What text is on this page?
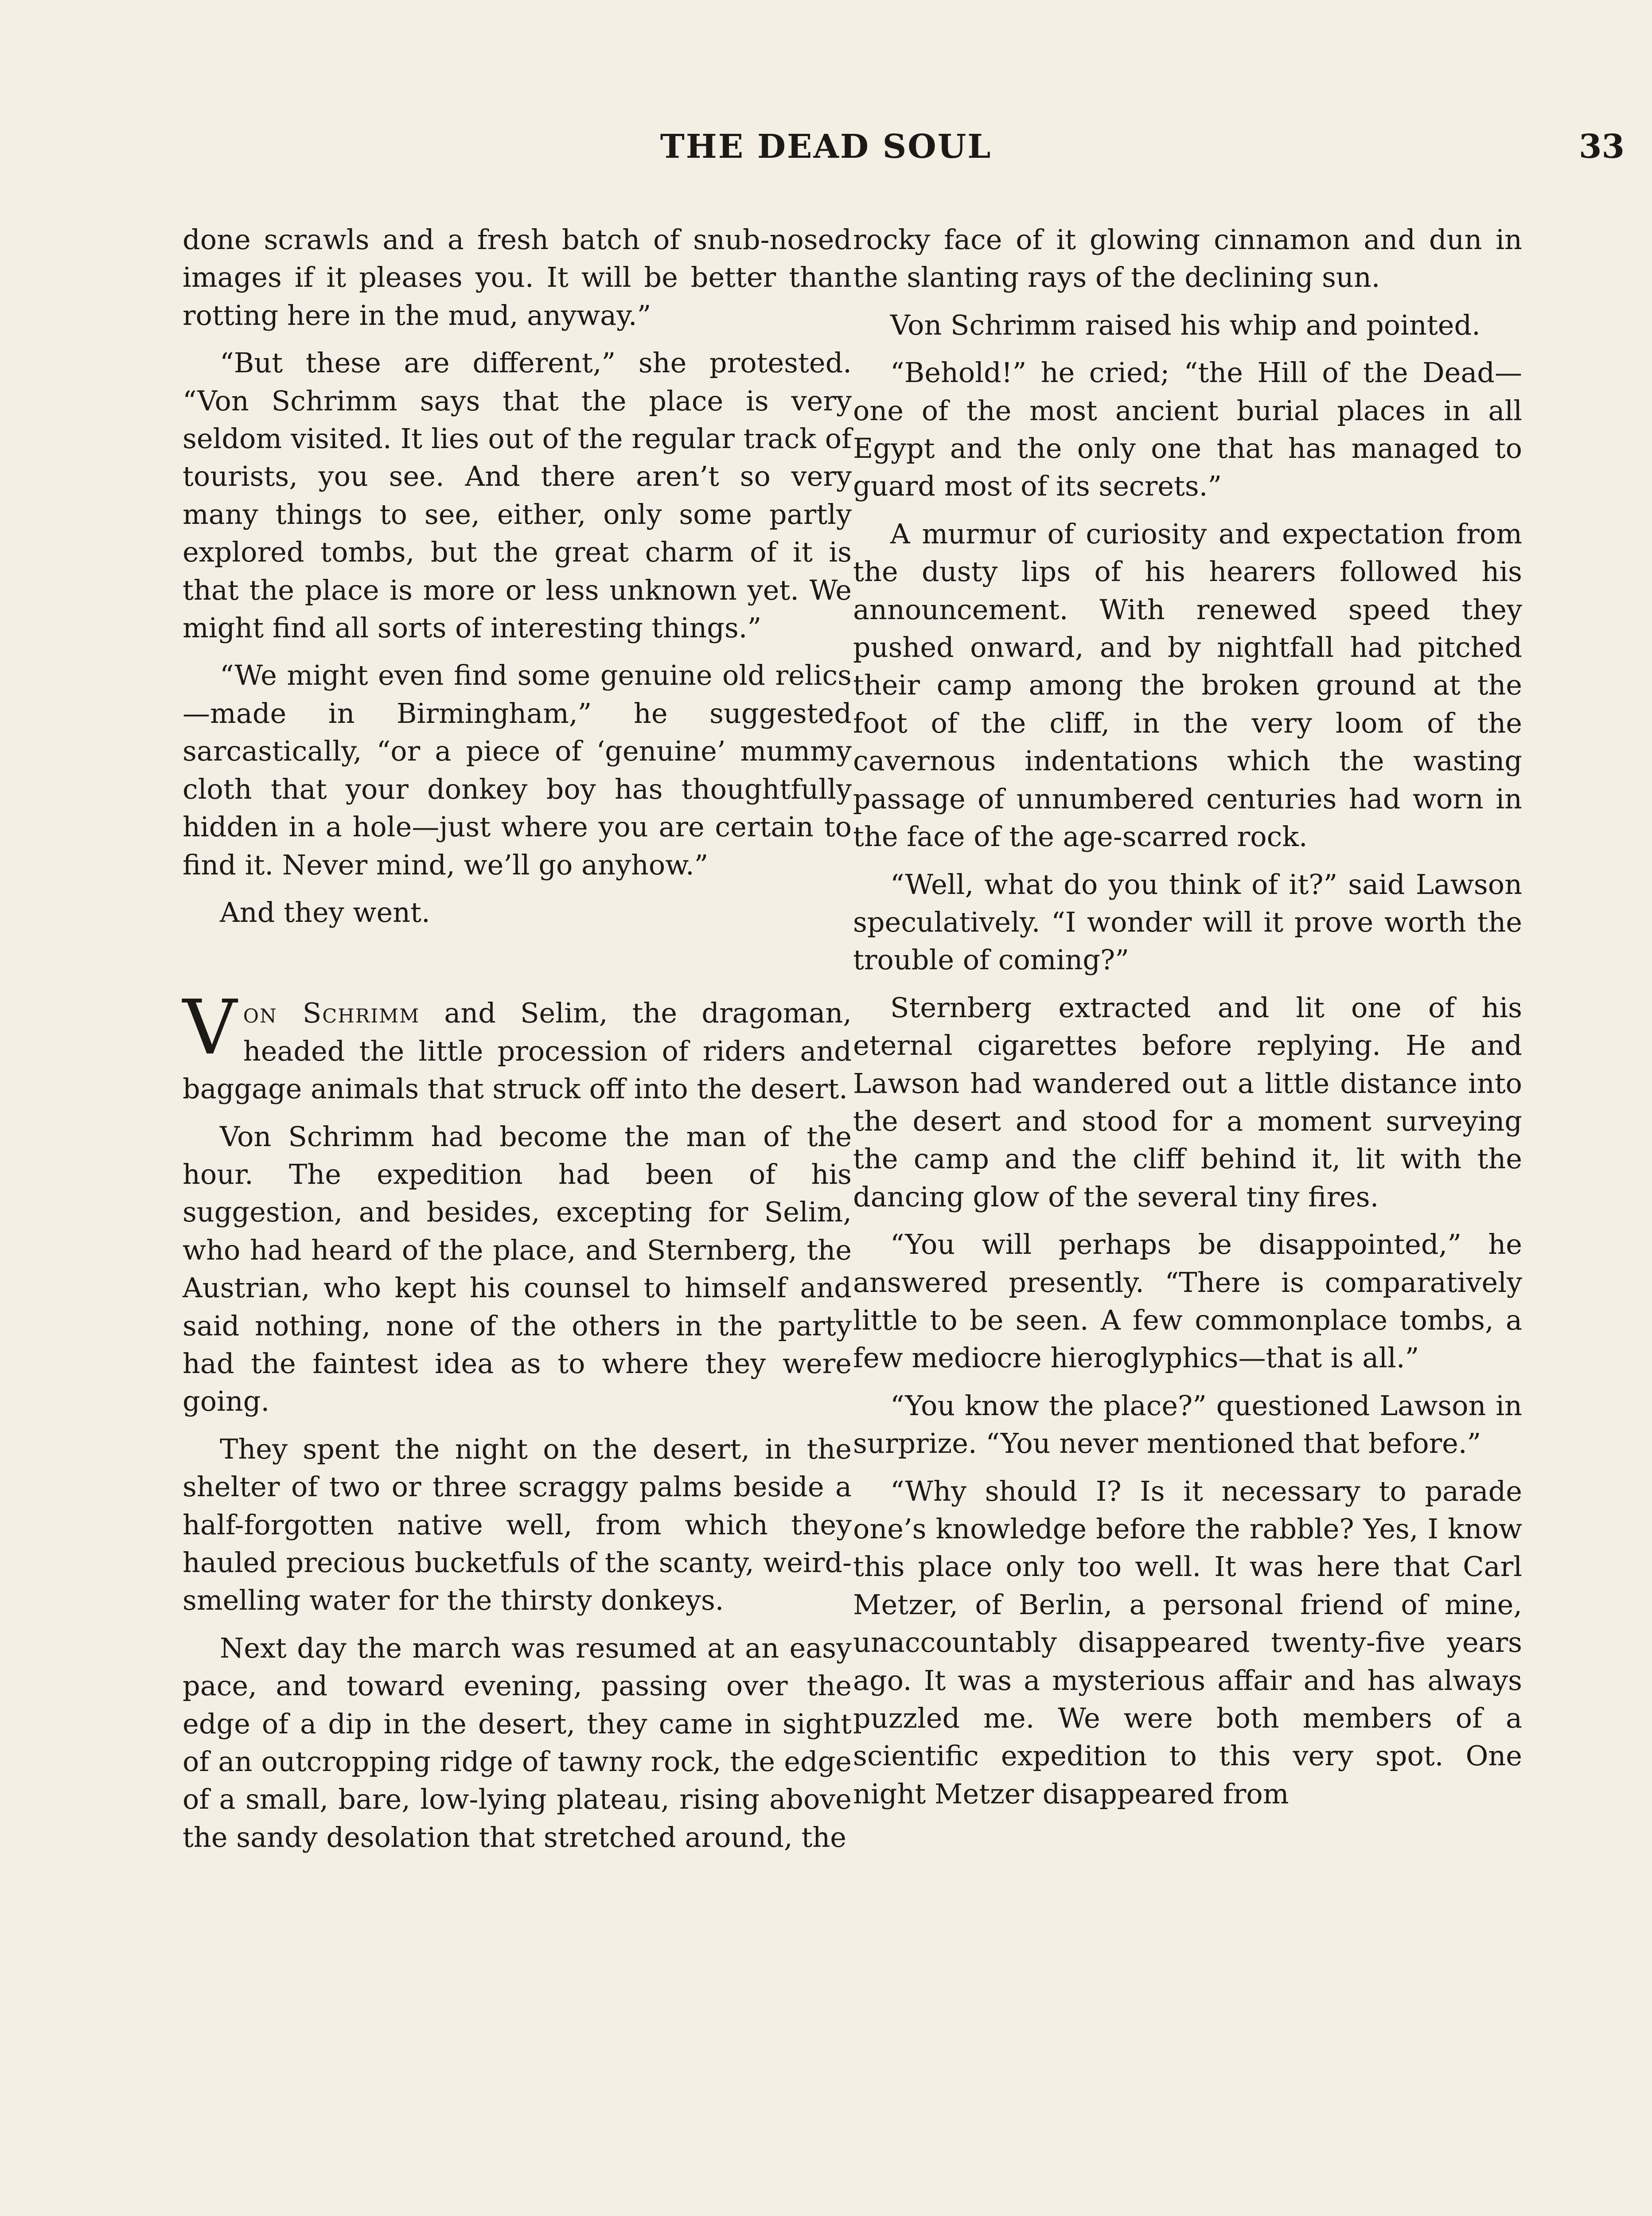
THE DEAD SOUL	33

done scrawls and a fresh batch of snub-nosed images if it pleases you. It will be better than rotting here in the mud, anyway.”

“But these are different,” she protested. “Von Schrimm says that the place is very seldom visited. It lies out of the regular track of tourists, you see. And there aren’t so very many things to see, either, only some partly explored tombs, but the great charm of it is that the place is more or less unknown yet. We might find all sorts of interesting things.”

“We might even find some genuine old relics—made in Birmingham,” he suggested sarcastically, “or a piece of ‘genuine’ mummy cloth that your donkey boy has thoughtfully hidden in a hole—just where you are certain to find it. Never mind, we’ll go anyhow.”

And they went.

Von Schrimm and Selim, the dragoman, headed the little procession of riders and baggage animals that struck off into the desert.

Von Schrimm had become the man of the hour. The expedition had been of his suggestion, and besides, excepting for Selim, who had heard of the place, and Sternberg, the Austrian, who kept his counsel to himself and said nothing, none of the others in the party had the faintest idea as to where they were going.

They spent the night on the desert, in the shelter of two or three scraggy palms beside a half-forgotten native well, from which they hauled precious bucketfuls of the scanty, weird-smelling water for the thirsty donkeys.

Next day the march was resumed at an easy pace, and toward evening, passing over the edge of a dip in the desert, they came in sight of an outcropping ridge of tawny rock, the edge of a small, bare, low-lying plateau, rising above the sandy desolation that stretched around, the

rocky face of it glowing cinnamon and dun in the slanting rays of the declining sun.

Von Schrimm raised his whip and pointed.

“Behold!” he cried; “the Hill of the Dead—one of the most ancient burial places in all Egypt and the only one that has managed to guard most of its secrets.”

A murmur of curiosity and expectation from the dusty lips of his hearers followed his announcement. With renewed speed they pushed onward, and by nightfall had pitched their camp among the broken ground at the foot of the cliff, in the very loom of the cavernous indentations which the wasting passage of unnumbered centuries had worn in the face of the age-scarred rock.

“Well, what do you think of it?” said Lawson speculatively. “I wonder will it prove worth the trouble of coming?”

Sternberg extracted and lit one of his eternal cigarettes before replying. He and Lawson had wandered out a little distance into the desert and stood for a moment surveying the camp and the cliff behind it, lit with the dancing glow of the several tiny fires.

“You will perhaps be disappointed,” he answered presently. “There is comparatively little to be seen. A few commonplace tombs, a few mediocre hieroglyphics—that is all.”

“You know the place?” questioned Lawson in surprize. “You never mentioned that before.”

“Why should I? Is it necessary to parade one’s knowledge before the rabble? Yes, I know this place only too well. It was here that Carl Metzer, of Berlin, a personal friend of mine, unaccountably disappeared twenty-five years ago. It was a mysterious affair and has always puzzled me. We were both members of a scientific expedition to this very spot. One night Metzer disappeared from
